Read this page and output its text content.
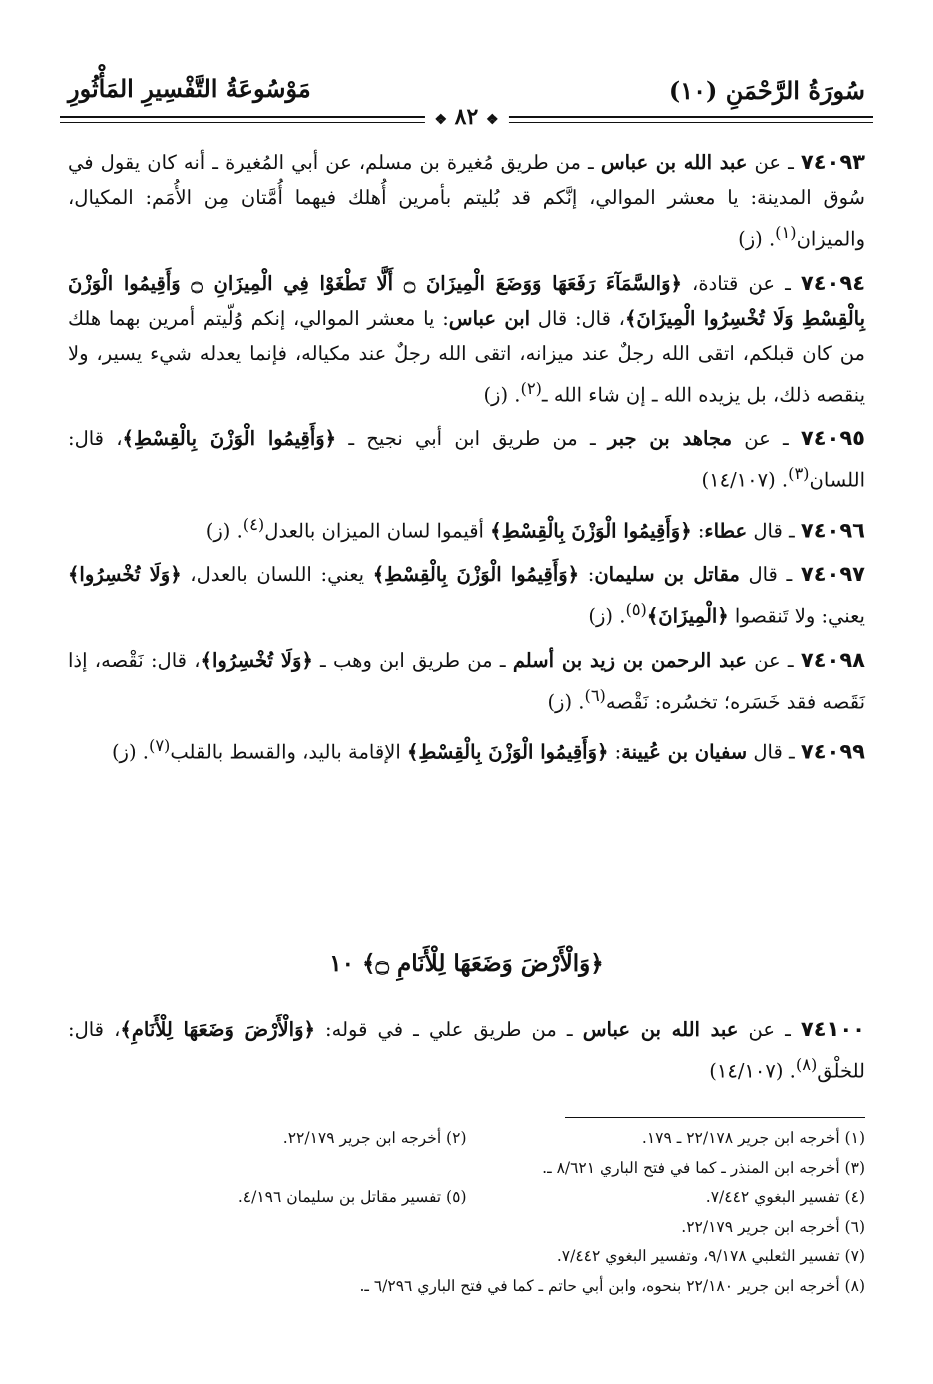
سُورَةُ الرَّحْمَنِ (١٠)
مَوْسُوعَةُ التَّفْسِيرِ المَأْثُورِ
❖ ٨٢ ❖

٧٤٠٩٣ ـ عن عبد الله بن عباس ـ من طريق مُغيرة بن مسلم، عن أبي المُغيرة ـ أنه كان يقول في سُوق المدينة: يا معشر الموالي، إنَّكم قد بُليتم بأمرين أُهلك فيهما أُمَّتان مِن الأُمَم: المكيال، والميزان$^{(١)}$. (ز)

٧٤٠٩٤ ـ عن قتادة، ﴿وَالسَّمَآءَ رَفَعَهَا وَوَضَعَ الْمِيزَانَ ۝ أَلَّا تَطْغَوْا فِي الْمِيزَانِ ۝ وَأَقِيمُوا الْوَزْنَ بِالْقِسْطِ وَلَا تُخْسِرُوا الْمِيزَانَ﴾، قال: قال ابن عباس: يا معشر الموالي، إنكم وُلّيتم أمرين بهما هلك من كان قبلكم، اتقى الله رجلٌ عند ميزانه، اتقى الله رجلٌ عند مكياله، فإنما يعدله شيء يسير، ولا ينقصه ذلك، بل يزيده الله ـ إن شاء الله ـ$^{(٢)}$. (ز)

٧٤٠٩٥ ـ عن مجاهد بن جبر ـ من طريق ابن أبي نجيح ـ ﴿وَأَقِيمُوا الْوَزْنَ بِالْقِسْطِ﴾، قال: اللسان$^{(٣)}$. (١٤/١٠٧)

٧٤٠٩٦ ـ قال عطاء: ﴿وَأَقِيمُوا الْوَزْنَ بِالْقِسْطِ﴾ أقيموا لسان الميزان بالعدل$^{(٤)}$. (ز)

٧٤٠٩٧ ـ قال مقاتل بن سليمان: ﴿وَأَقِيمُوا الْوَزْنَ بِالْقِسْطِ﴾ يعني: اللسان بالعدل، ﴿وَلَا تُخْسِرُوا﴾ يعني: ولا تَنقصوا ﴿الْمِيزَانَ﴾$^{(٥)}$. (ز)

٧٤٠٩٨ ـ عن عبد الرحمن بن زيد بن أسلم ـ من طريق ابن وهب ـ ﴿وَلَا تُخْسِرُوا﴾، قال: نَقْصه، إذا نَقَصه فقد خَسَره؛ تخسُره: نَقْصه$^{(٦)}$. (ز)

٧٤٠٩٩ ـ قال سفيان بن عُيينة: ﴿وَأَقِيمُوا الْوَزْنَ بِالْقِسْطِ﴾ الإقامة باليد، والقسط بالقلب$^{(٧)}$. (ز)

﴿وَالْأَرْضَ وَضَعَهَا لِلْأَنَامِ ۝﴾ ١٠

٧٤١٠٠ ـ عن عبد الله بن عباس ـ من طريق علي ـ في قوله: ﴿وَالْأَرْضَ وَضَعَهَا لِلْأَنَامِ﴾، قال: للخلْق$^{(٨)}$. (١٤/١٠٧)

(١) أخرجه ابن جرير ٢٢/١٧٨ ـ ١٧٩.
(٢) أخرجه ابن جرير ٢٢/١٧٩.
(٣) أخرجه ابن المنذر ـ كما في فتح الباري ٨/٦٢١ ـ.
(٤) تفسير البغوي ٧/٤٤٢.
(٥) تفسير مقاتل بن سليمان ٤/١٩٦.
(٦) أخرجه ابن جرير ٢٢/١٧٩.
(٧) تفسير الثعلبي ٩/١٧٨، وتفسير البغوي ٧/٤٤٢.
(٨) أخرجه ابن جرير ٢٢/١٨٠ بنحوه، وابن أبي حاتم ـ كما في فتح الباري ٦/٢٩٦ ـ.
